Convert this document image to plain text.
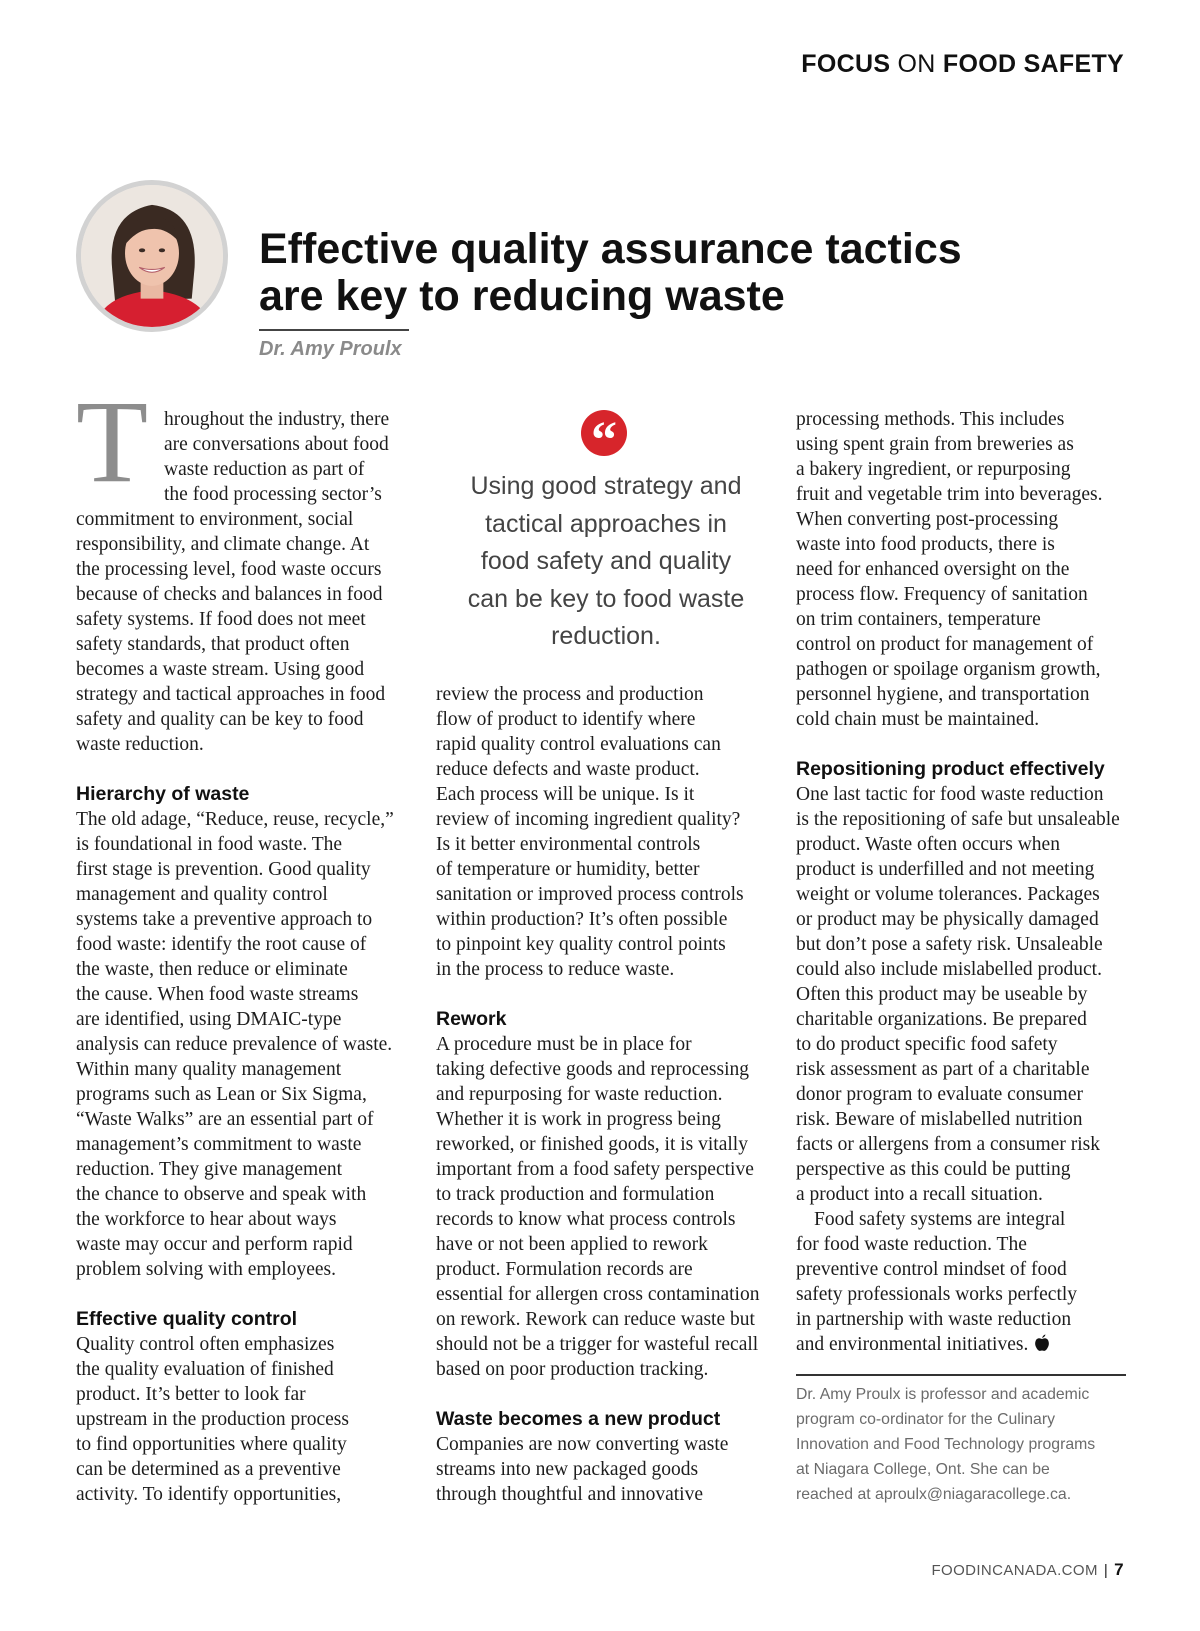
FOCUS ON FOOD SAFETY
Effective quality assurance tactics
are key to reducing waste
Dr. Amy Proulx
T hroughout the industry, there

are conversations about food

waste reduction as part of

the food processing sector’s

commitment to environment, social

responsibility, and climate change. At

the processing level, food waste occurs

because of checks and balances in food

safety systems. If food does not meet

safety standards, that product often

becomes a waste stream. Using good

strategy and tactical approaches in food

safety and quality can be key to food

waste reduction.

Hierarchy of waste

The old adage, “Reduce, reuse, recycle,”

is foundational in food waste. The

first stage is prevention. Good quality

management and quality control

systems take a preventive approach to

food waste: identify the root cause of

the waste, then reduce or eliminate

the cause. When food waste streams

are identified, using DMAIC-type

analysis can reduce prevalence of waste.

Within many quality management

programs such as Lean or Six Sigma,

“Waste Walks” are an essential part of

management’s commitment to waste

reduction. They give management

the chance to observe and speak with

the workforce to hear about ways

waste may occur and perform rapid

problem solving with employees.

Effective quality control

Quality control often emphasizes

the quality evaluation of finished

product. It’s better to look far

upstream in the production process

to find opportunities where quality

can be determined as a preventive

activity. To identify opportunities,

“
Using good strategy and
tactical approaches in
food safety and quality
can be key to food waste
reduction.

review the process and production

flow of product to identify where

rapid quality control evaluations can

reduce defects and waste product.

Each process will be unique. Is it

review of incoming ingredient quality?

Is it better environmental controls

of temperature or humidity, better

sanitation or improved process controls

within production? It’s often possible

to pinpoint key quality control points

in the process to reduce waste.

Rework

A procedure must be in place for

taking defective goods and reprocessing

and repurposing for waste reduction.

Whether it is work in progress being

reworked, or finished goods, it is vitally

important from a food safety perspective

to track production and formulation

records to know what process controls

have or not been applied to rework

product. Formulation records are

essential for allergen cross contamination

on rework. Rework can reduce waste but

should not be a trigger for wasteful recall

based on poor production tracking.

Waste becomes a new product

Companies are now converting waste

streams into new packaged goods

through thoughtful and innovative

processing methods. This includes

using spent grain from breweries as

a bakery ingredient, or repurposing

fruit and vegetable trim into beverages.

When converting post-processing

waste into food products, there is

need for enhanced oversight on the

process flow. Frequency of sanitation

on trim containers, temperature

control on product for management of

pathogen or spoilage organism growth,

personnel hygiene, and transportation

cold chain must be maintained.

Repositioning product effectively

One last tactic for food waste reduction

is the repositioning of safe but unsaleable

product. Waste often occurs when

product is underfilled and not meeting

weight or volume tolerances. Packages

or product may be physically damaged

but don’t pose a safety risk. Unsaleable

could also include mislabelled product.

Often this product may be useable by

charitable organizations. Be prepared

to do product specific food safety

risk assessment as part of a charitable

donor program to evaluate consumer

risk. Beware of mislabelled nutrition

facts or allergens from a consumer risk

perspective as this could be putting

a product into a recall situation.

Food safety systems are integral

for food waste reduction. The

preventive control mindset of food

safety professionals works perfectly

in partnership with waste reduction

and environmental initiatives.

Dr. Amy Proulx is professor and academic
program co-ordinator for the Culinary
Innovation and Food Technology programs
at Niagara College, Ont. She can be
reached at aproulx@niagaracollege.ca.
FOODINCANADA.COM | 7
